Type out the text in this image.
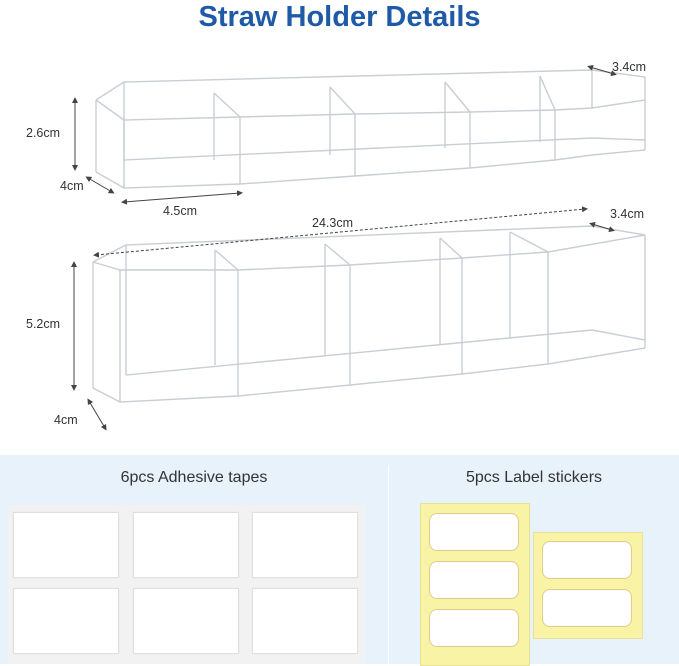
Straw Holder Details
3.4cm
2.6cm
4cm
4.5cm
24.3cm
3.4cm
5.2cm
4cm
6pcs Adhesive tapes	5pcs Label stickers
